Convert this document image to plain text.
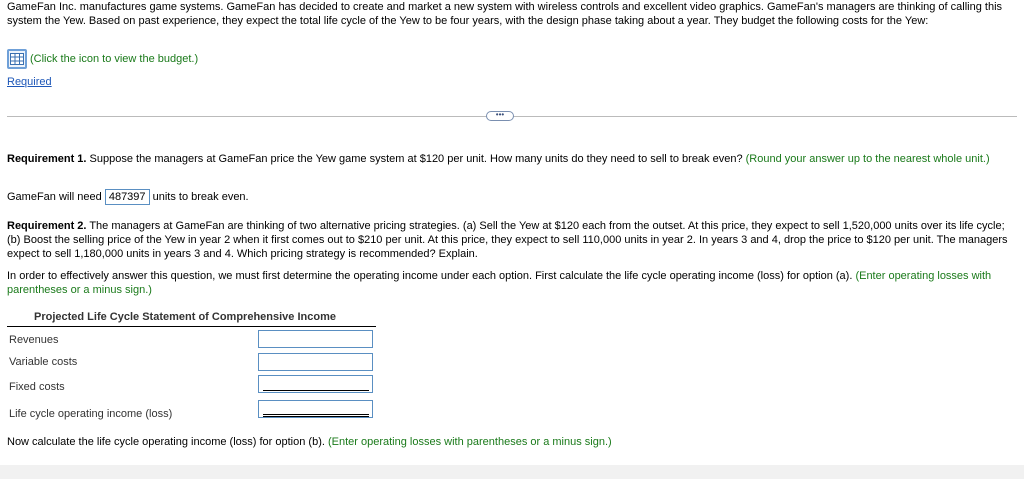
GameFan Inc. manufactures game systems. GameFan has decided to create and market a new system with wireless controls and excellent video graphics. GameFan's managers are thinking of calling this system the Yew. Based on past experience, they expect the total life cycle of the Yew to be four years, with the design phase taking about a year. They budget the following costs for the Yew:
(Click the icon to view the budget.)
Required
•••
Requirement 1. Suppose the managers at GameFan price the Yew game system at $120 per unit. How many units do they need to sell to break even? (Round your answer up to the nearest whole unit.)
GameFan will need 487397 units to break even.
Requirement 2. The managers at GameFan are thinking of two alternative pricing strategies. (a) Sell the Yew at $120 each from the outset. At this price, they expect to sell 1,520,000 units over its life cycle; (b) Boost the selling price of the Yew in year 2 when it first comes out to $210 per unit. At this price, they expect to sell 110,000 units in year 2. In years 3 and 4, drop the price to $120 per unit. The managers expect to sell 1,180,000 units in years 3 and 4. Which pricing strategy is recommended? Explain.
In order to effectively answer this question, we must first determine the operating income under each option. First calculate the life cycle operating income (loss) for option (a). (Enter operating losses with parentheses or a minus sign.)
Projected Life Cycle Statement of Comprehensive Income
Revenues
Variable costs
Fixed costs
Life cycle operating income (loss)
Now calculate the life cycle operating income (loss) for option (b). (Enter operating losses with parentheses or a minus sign.)
